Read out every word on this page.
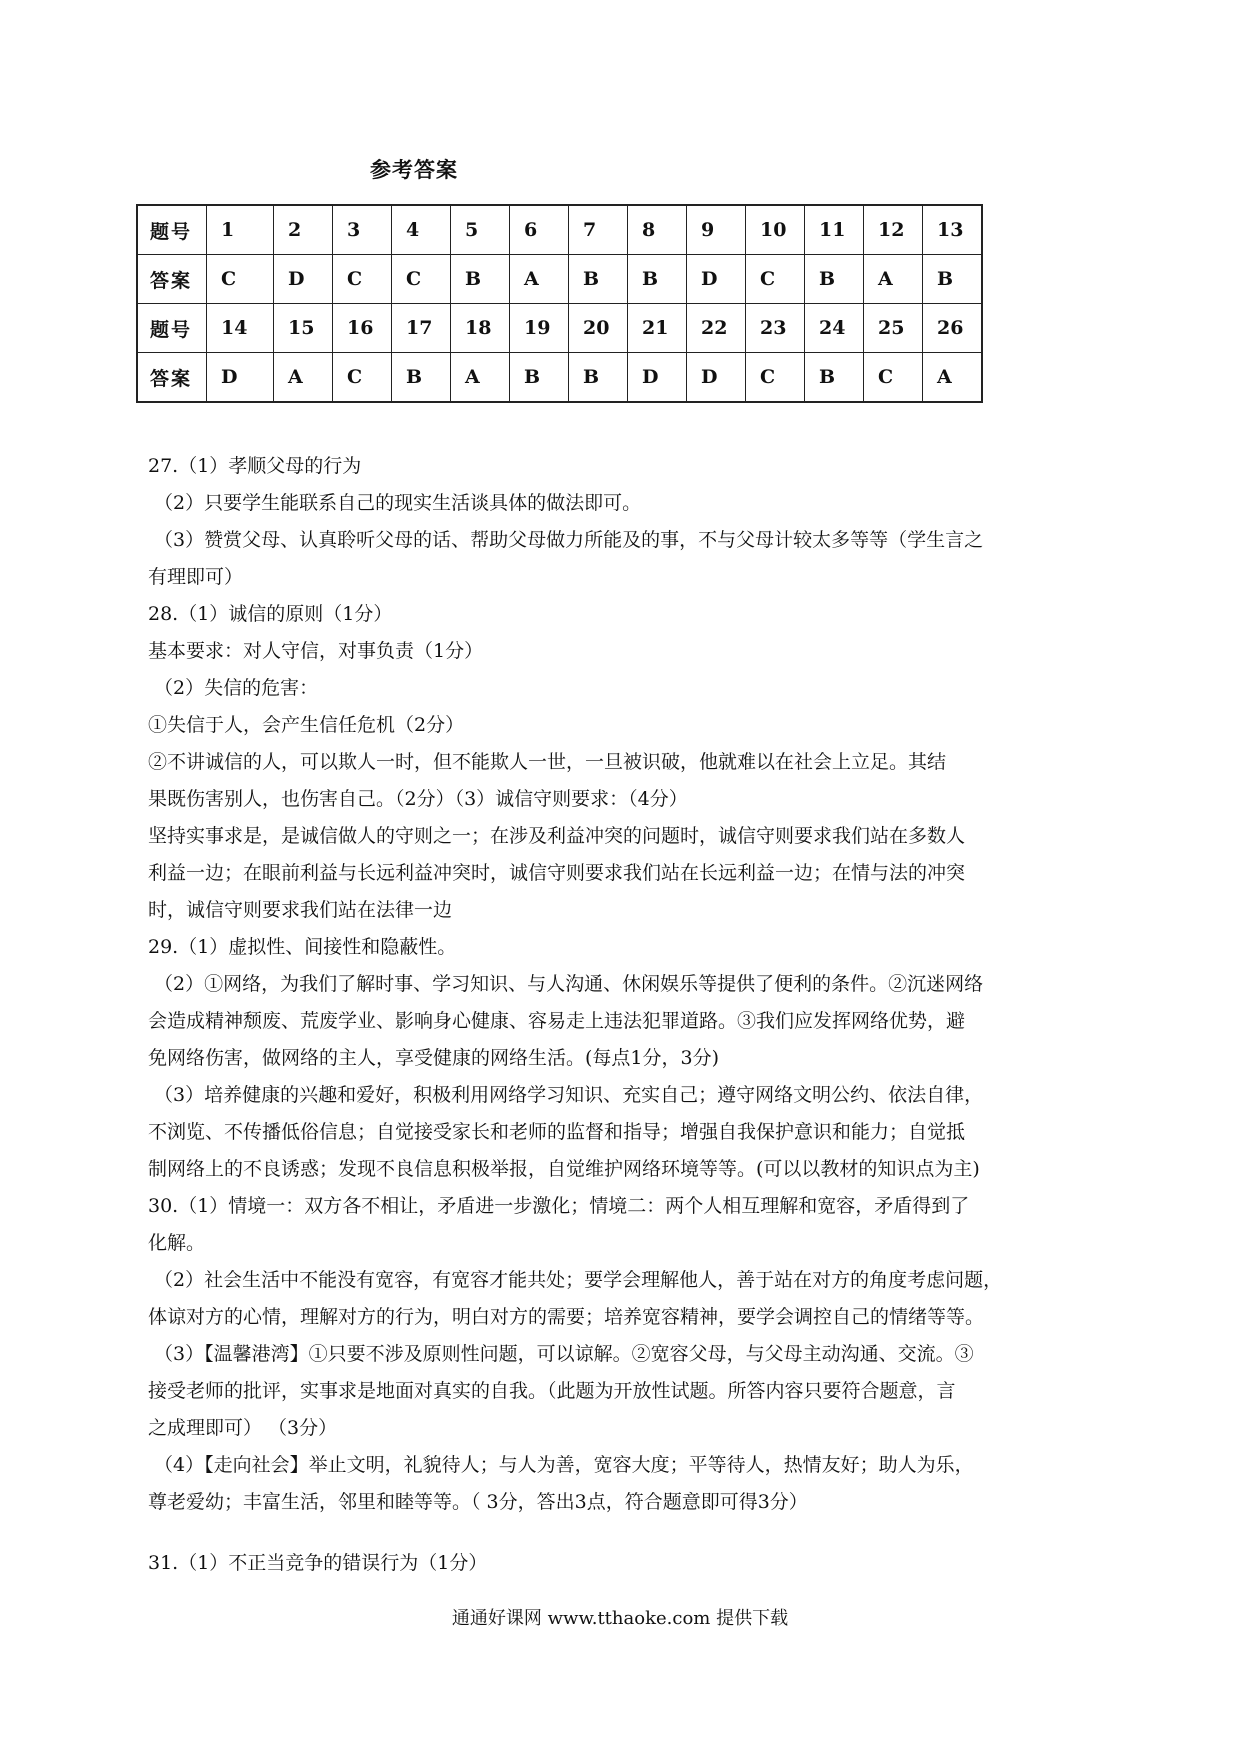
参考答案
题号	1	2	3	4	5	6	7	8	9	10	11	12	13
答案	C	D	C	C	B	A	B	B	D	C	B	A	B
题号	14	15	16	17	18	19	20	21	22	23	24	25	26
答案	D	A	C	B	A	B	B	D	D	C	B	C	A

27.（1）孝顺父母的行为

（2）只要学生能联系自己的现实生活谈具体的做法即可。

（3）赞赏父母、认真聆听父母的话、帮助父母做力所能及的事，不与父母计较太多等等（学生言之

有理即可）

28.（1）诚信的原则（1分）

基本要求：对人守信，对事负责（1分）

（2）失信的危害：

①失信于人，会产生信任危机（2分）

②不讲诚信的人，可以欺人一时，但不能欺人一世，一旦被识破，他就难以在社会上立足。其结

果既伤害别人，也伤害自己。（2分）（3）诚信守则要求：（4分）

坚持实事求是，是诚信做人的守则之一；在涉及利益冲突的问题时，诚信守则要求我们站在多数人

利益一边；在眼前利益与长远利益冲突时，诚信守则要求我们站在长远利益一边；在情与法的冲突

时，诚信守则要求我们站在法律一边

29.（1）虚拟性、间接性和隐蔽性。

（2）①网络，为我们了解时事、学习知识、与人沟通、休闲娱乐等提供了便利的条件。②沉迷网络

会造成精神颓废、荒废学业、影响身心健康、容易走上违法犯罪道路。③我们应发挥网络优势，避

免网络伤害，做网络的主人，享受健康的网络生活。(每点1分，3分)

（3）培养健康的兴趣和爱好，积极利用网络学习知识、充实自己；遵守网络文明公约、依法自律，

不浏览、不传播低俗信息；自觉接受家长和老师的监督和指导；增强自我保护意识和能力；自觉抵

制网络上的不良诱惑；发现不良信息积极举报，自觉维护网络环境等等。(可以以教材的知识点为主)

30.（1）情境一：双方各不相让，矛盾进一步激化；情境二：两个人相互理解和宽容，矛盾得到了

化解。

（2）社会生活中不能没有宽容，有宽容才能共处；要学会理解他人，善于站在对方的角度考虑问题，

体谅对方的心情，理解对方的行为，明白对方的需要；培养宽容精神，要学会调控自己的情绪等等。

（3）【温馨港湾】①只要不涉及原则性问题，可以谅解。②宽容父母，与父母主动沟通、交流。③

接受老师的批评，实事求是地面对真实的自我。（此题为开放性试题。所答内容只要符合题意，言

之成理即可） （3分）

（4）【走向社会】举止文明，礼貌待人；与人为善，宽容大度；平等待人，热情友好；助人为乐，

尊老爱幼；丰富生活，邻里和睦等等。（ 3分，答出3点，符合题意即可得3分）

31.（1）不正当竞争的错误行为（1分）

通通好课网 www.tthaoke.com 提供下载
